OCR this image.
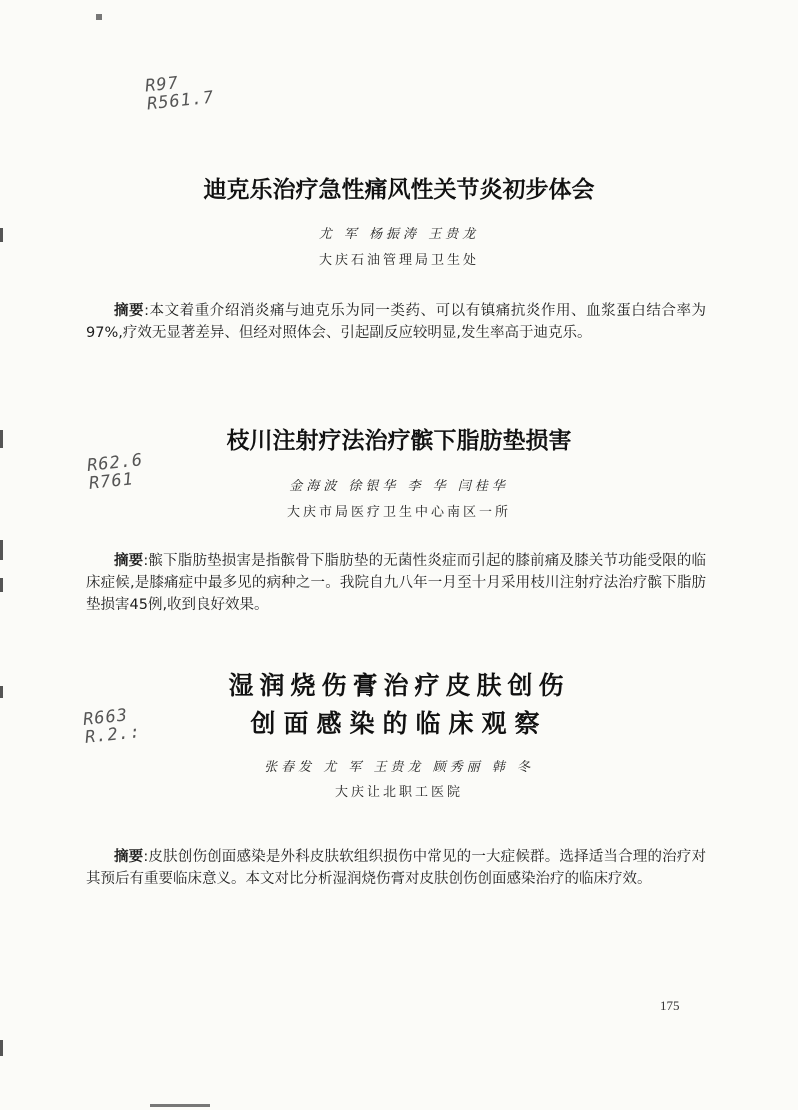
R97
R561.7
R62.6
R761
R663
R.2.:
迪克乐治疗急性痛风性关节炎初步体会
尤 军 杨振涛 王贵龙
大庆石油管理局卫生处

摘要:本文着重介绍消炎痛与迪克乐为同一类药、可以有镇痛抗炎作用、血浆蛋白结合率为97%,疗效无显著差异、但经对照体会、引起副反应较明显,发生率高于迪克乐。

枝川注射疗法治疗髌下脂肪垫损害
金海波 徐银华 李 华 闫桂华
大庆市局医疗卫生中心南区一所

摘要:髌下脂肪垫损害是指髌骨下脂肪垫的无菌性炎症而引起的膝前痛及膝关节功能受限的临床症候,是膝痛症中最多见的病种之一。我院自九八年一月至十月采用枝川注射疗法治疗髌下脂肪垫损害45例,收到良好效果。

湿润烧伤膏治疗皮肤创伤
创面感染的临床观察
张春发 尤 军 王贵龙 顾秀丽 韩 冬
大庆让北职工医院

摘要:皮肤创伤创面感染是外科皮肤软组织损伤中常见的一大症候群。选择适当合理的治疗对其预后有重要临床意义。本文对比分析湿润烧伤膏对皮肤创伤创面感染治疗的临床疗效。

175
